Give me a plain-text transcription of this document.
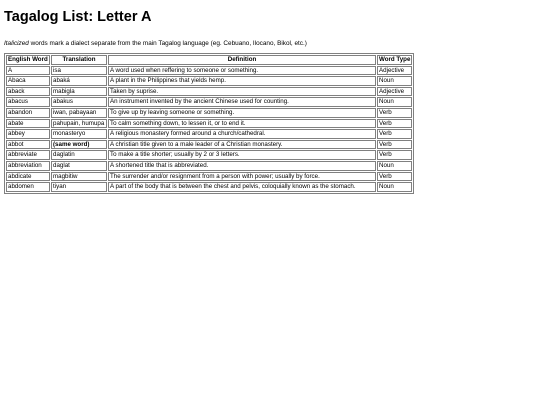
Tagalog List: Letter A

Italicized words mark a dialect separate from the main Tagalog language (eg. Cebuano, Ilocano, Bikol, etc.)

English Word	Translation	Definition	Word Type
A	isa	A word used when reffering to someone or something.	Adjective
Abaca	abaká	A plant in the Philippines that yields hemp.	Noun
aback	mabigla	Taken by suprise.	Adjective
abacus	abakus	An instrument invented by the ancient Chinese used for counting.	Noun
abandon	iwan, pabayaan	To give up by leaving someone or something.	Verb
abate	pahupain, humupa	To calm something down, to lessen it, or to end it.	Verb
abbey	monasteryo	A religious monastery formed around a church/cathedral.	Verb
abbot	(same word)	A christian title given to a male leader of a Christian monastery.	Verb
abbreviate	daglatin	To make a title shorter; usually by 2 or 3 letters.	Verb
abbreviation	daglat	A shortened title that is abbreviated.	Noun
abdicate	magbitiw	The surrender and/or resignment from a person with power; usually by force.	Verb
abdomen	tiyan	A part of the body that is between the chest and pelvis, coloquially known as the stomach.	Noun
